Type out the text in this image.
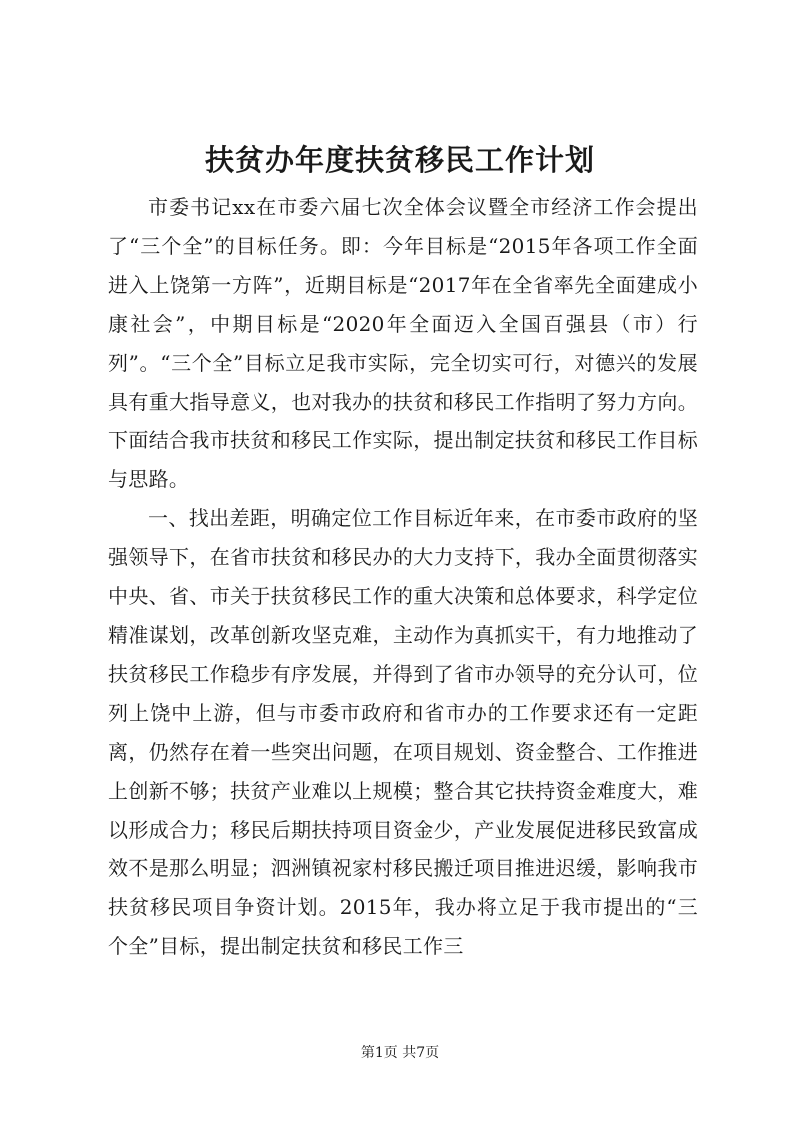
扶贫办年度扶贫移民工作计划

市委书记xx在市委六届七次全体会议暨全市经济工作会提出了“三个全”的目标任务。即：今年目标是“2015年各项工作全面进入上饶第一方阵”，近期目标是“2017年在全省率先全面建成小康社会”，中期目标是“2020年全面迈入全国百强县（市）行列”。“三个全”目标立足我市实际，完全切实可行，对德兴的发展具有重大指导意义，也对我办的扶贫和移民工作指明了努力方向。下面结合我市扶贫和移民工作实际，提出制定扶贫和移民工作目标与思路。

一、找出差距，明确定位工作目标近年来，在市委市政府的坚强领导下，在省市扶贫和移民办的大力支持下，我办全面贯彻落实中央、省、市关于扶贫移民工作的重大决策和总体要求，科学定位精准谋划，改革创新攻坚克难，主动作为真抓实干，有力地推动了扶贫移民工作稳步有序发展，并得到了省市办领导的充分认可，位列上饶中上游，但与市委市政府和省市办的工作要求还有一定距离，仍然存在着一些突出问题，在项目规划、资金整合、工作推进上创新不够；扶贫产业难以上规模；整合其它扶持资金难度大，难以形成合力；移民后期扶持项目资金少，产业发展促进移民致富成效不是那么明显；泗洲镇祝家村移民搬迁项目推进迟缓，影响我市扶贫移民项目争资计划。2015年，我办将立足于我市提出的“三个全”目标，提出制定扶贫和移民工作三

第1页 共7页
